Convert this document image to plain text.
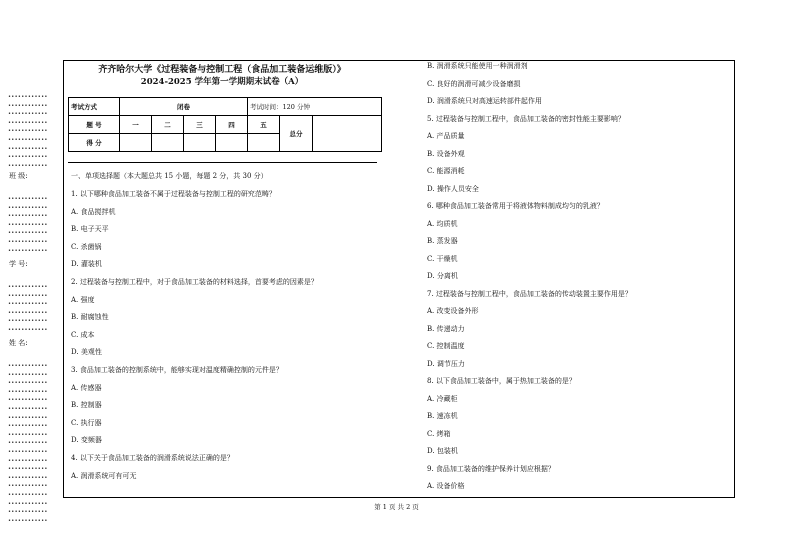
••••••••••••
••••••••••••
••••••••••••
••••••••••••
••••••••••••
••••••••••••
••••••••••••
••••••••••••
••••••••••••
班 级:
••••••••••••
••••••••••••
••••••••••••
••••••••••••
••••••••••••
••••••••••••
••••••••••••
学 号:
••••••••••••
••••••••••••
••••••••••••
••••••••••••
••••••••••••
••••••••••••
姓 名:
••••••••••••
••••••••••••
••••••••••••
••••••••••••
••••••••••••
••••••••••••
••••••••••••
••••••••••••
••••••••••••
••••••••••••
••••••••••••
••••••••••••
••••••••••••
••••••••••••
••••••••••••
••••••••••••
••••••••••••
••••••••••••
••••••••••••
齐齐哈尔大学《过程装备与控制工程（食品加工装备运维版）》
2024-2025 学年第一学期期末试卷（A）
考试方式	闭卷				考试时间：120 分钟		
题 号	一	二	三	四	五	总分	
得 分							
一、单项选择题（本大题总共 15 小题，每题 2 分，共 30 分）
1. 以下哪种食品加工装备不属于过程装备与控制工程的研究范畴？
A. 食品搅拌机
B. 电子天平
C. 杀菌锅
D. 灌装机
2. 过程装备与控制工程中，对于食品加工装备的材料选择，首要考虑的因素是？
A. 强度
B. 耐腐蚀性
C. 成本
D. 美观性
3. 食品加工装备的控制系统中，能够实现对温度精确控制的元件是？
A. 传感器
B. 控制器
C. 执行器
D. 变频器
4. 以下关于食品加工装备的润滑系统说法正确的是？
A. 润滑系统可有可无
B. 润滑系统只能使用一种润滑剂
C. 良好的润滑可减少设备磨损
D. 润滑系统只对高速运转部件起作用
5. 过程装备与控制工程中，食品加工装备的密封性能主要影响？
A. 产品质量
B. 设备外观
C. 能源消耗
D. 操作人员安全
6. 哪种食品加工装备常用于将液体物料制成均匀的乳液？
A. 均质机
B. 蒸发器
C. 干燥机
D. 分离机
7. 过程装备与控制工程中，食品加工装备的传动装置主要作用是？
A. 改变设备外形
B. 传递动力
C. 控制温度
D. 调节压力
8. 以下食品加工装备中，属于热加工装备的是？
A. 冷藏柜
B. 速冻机
C. 烤箱
D. 包装机
9. 食品加工装备的维护保养计划应根据？
A. 设备价格
第 1 页 共 2 页
